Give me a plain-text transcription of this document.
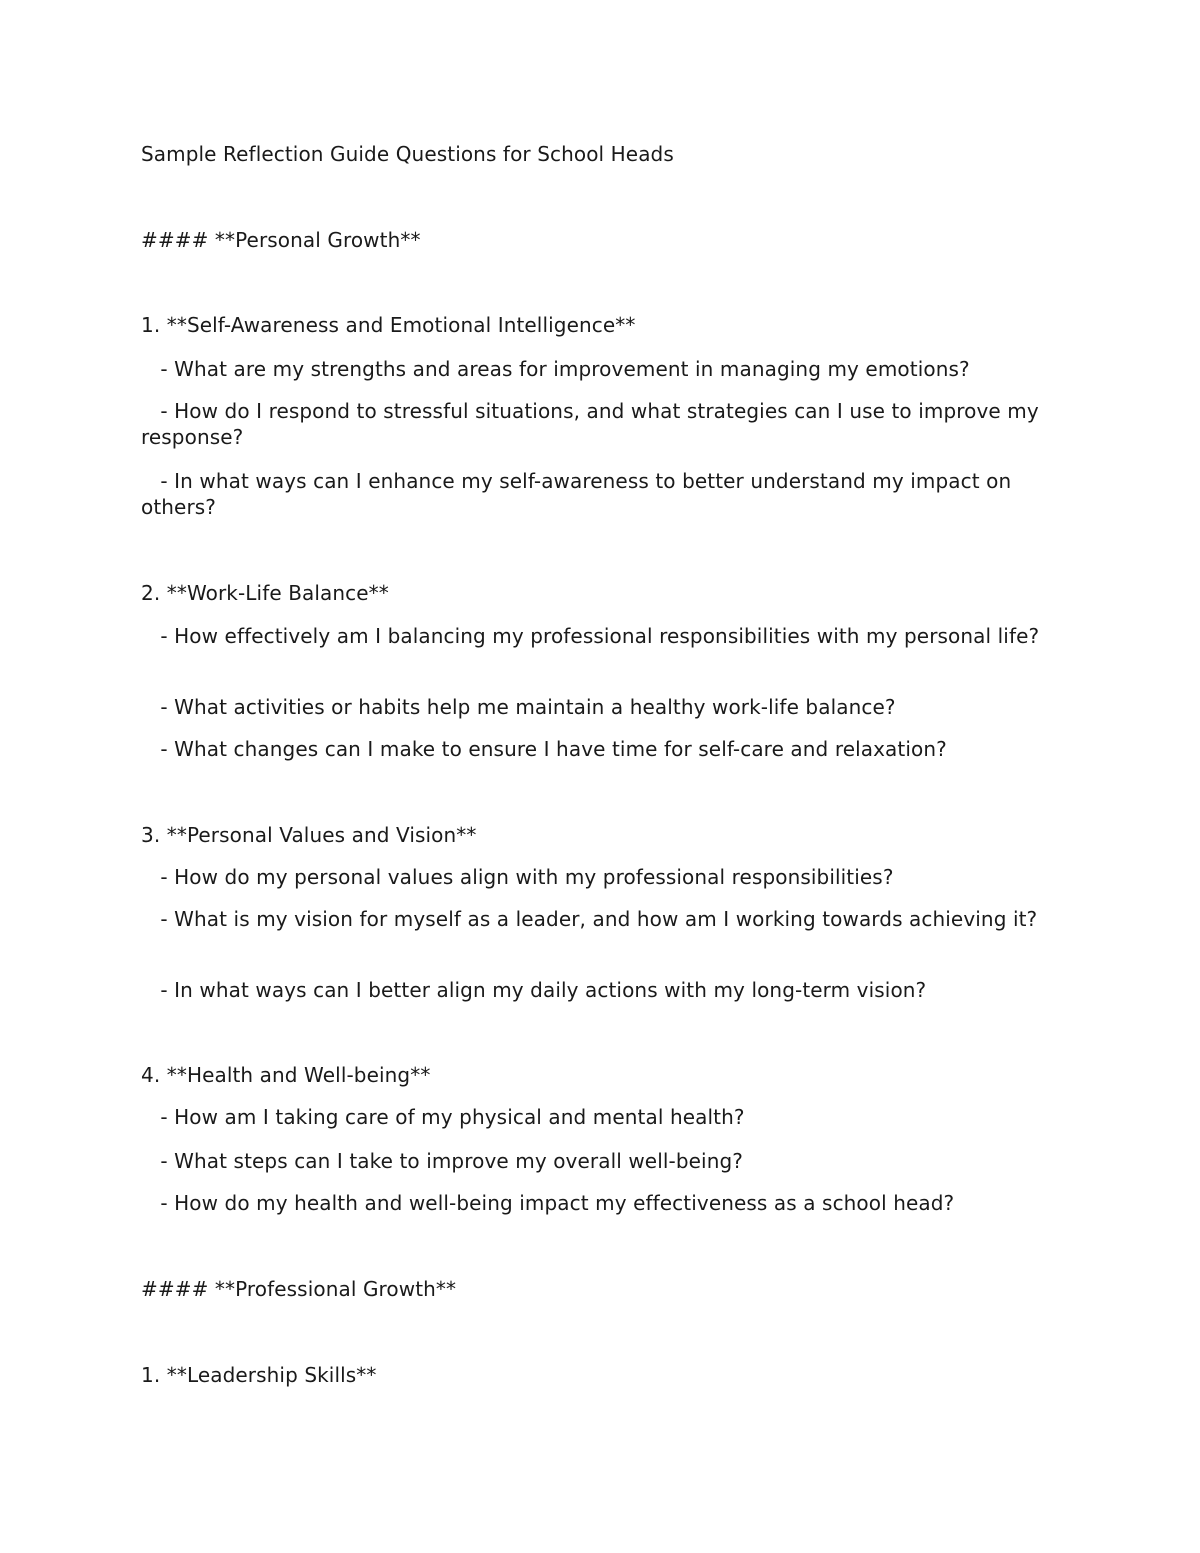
Sample Reflection Guide Questions for School Heads
#### **Personal Growth**
1. **Self-Awareness and Emotional Intelligence**
- What are my strengths and areas for improvement in managing my emotions?
- How do I respond to stressful situations, and what strategies can I use to improve my response?
- In what ways can I enhance my self-awareness to better understand my impact on others?
2. **Work-Life Balance**
- How effectively am I balancing my professional responsibilities with my personal life?
- What activities or habits help me maintain a healthy work-life balance?
- What changes can I make to ensure I have time for self-care and relaxation?
3. **Personal Values and Vision**
- How do my personal values align with my professional responsibilities?
- What is my vision for myself as a leader, and how am I working towards achieving it?
- In what ways can I better align my daily actions with my long-term vision?
4. **Health and Well-being**
- How am I taking care of my physical and mental health?
- What steps can I take to improve my overall well-being?
- How do my health and well-being impact my effectiveness as a school head?
#### **Professional Growth**
1. **Leadership Skills**
